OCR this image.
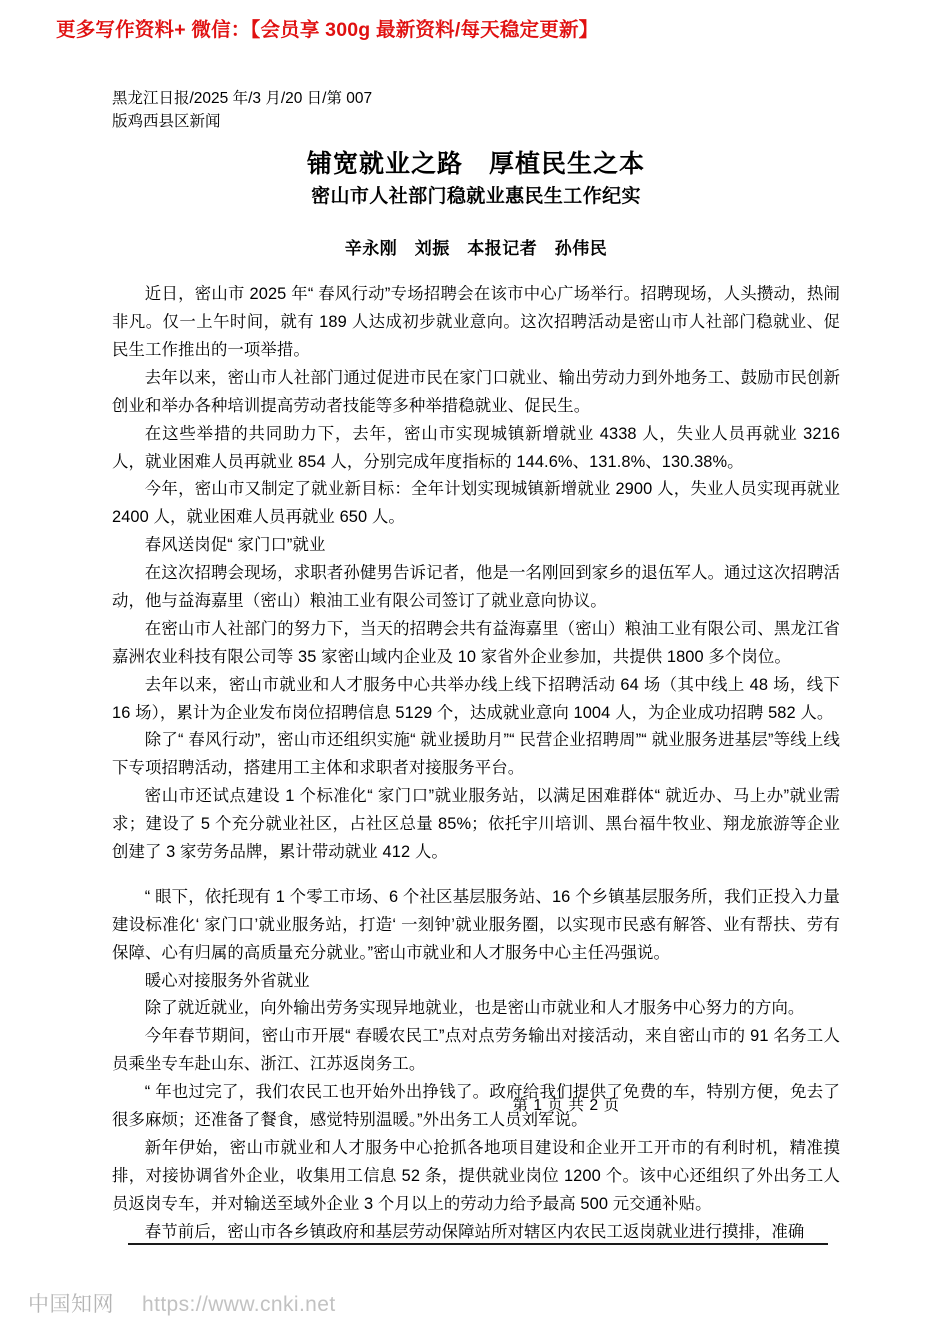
更多写作资料+ 微信：【会员享 300g 最新资料/每天稳定更新】
黑龙江日报/2025 年/3 月/20 日/第 007
版鸡西县区新闻
铺宽就业之路　厚植民生之本
密山市人社部门稳就业惠民生工作纪实
辛永刚　刘振　本报记者　孙伟民

近日，密山市 2025 年“ 春风行动”专场招聘会在该市中心广场举行。招聘现场，人头攒动，热闹非凡。仅一上午时间，就有 189 人达成初步就业意向。这次招聘活动是密山市人社部门稳就业、促民生工作推出的一项举措。

去年以来，密山市人社部门通过促进市民在家门口就业、输出劳动力到外地务工、鼓励市民创新创业和举办各种培训提高劳动者技能等多种举措稳就业、促民生。

在这些举措的共同助力下，去年，密山市实现城镇新增就业 4338 人，失业人员再就业 3216 人，就业困难人员再就业 854 人，分别完成年度指标的 144.6%、131.8%、130.38%。

今年，密山市又制定了就业新目标：全年计划实现城镇新增就业 2900 人，失业人员实现再就业 2400 人，就业困难人员再就业 650 人。

春风送岗促“ 家门口”就业

在这次招聘会现场，求职者孙健男告诉记者，他是一名刚回到家乡的退伍军人。通过这次招聘活动，他与益海嘉里（密山）粮油工业有限公司签订了就业意向协议。

在密山市人社部门的努力下，当天的招聘会共有益海嘉里（密山）粮油工业有限公司、黑龙江省嘉洲农业科技有限公司等 35 家密山域内企业及 10 家省外企业参加，共提供 1800 多个岗位。

去年以来，密山市就业和人才服务中心共举办线上线下招聘活动 64 场（其中线上 48 场，线下 16 场），累计为企业发布岗位招聘信息 5129 个，达成就业意向 1004 人，为企业成功招聘 582 人。

除了“ 春风行动”，密山市还组织实施“ 就业援助月”“ 民营企业招聘周”“ 就业服务进基层”等线上线下专项招聘活动，搭建用工主体和求职者对接服务平台。

密山市还试点建设 1 个标准化“ 家门口”就业服务站，以满足困难群体“ 就近办、马上办”就业需求；建设了 5 个充分就业社区，占社区总量 85%；依托宇川培训、黑台福牛牧业、翔龙旅游等企业创建了 3 家劳务品牌，累计带动就业 412 人。

“ 眼下，依托现有 1 个零工市场、6 个社区基层服务站、16 个乡镇基层服务所，我们正投入力量建设标准化‘ 家门口’就业服务站，打造‘ 一刻钟’就业服务圈，以实现市民惑有解答、业有帮扶、劳有保障、心有归属的高质量充分就业。”密山市就业和人才服务中心主任冯强说。

暖心对接服务外省就业

除了就近就业，向外输出劳务实现异地就业，也是密山市就业和人才服务中心努力的方向。

今年春节期间，密山市开展“ 春暖农民工”点对点劳务输出对接活动，来自密山市的 91 名务工人员乘坐专车赴山东、浙江、江苏返岗务工。

“ 年也过完了，我们农民工也开始外出挣钱了。政府给我们提供了免费的车，特别方便，免去了很多麻烦；还准备了餐食，感觉特别温暖。”外出务工人员刘军说。

新年伊始，密山市就业和人才服务中心抢抓各地项目建设和企业开工开市的有利时机，精准摸排，对接协调省外企业，收集用工信息 52 条，提供就业岗位 1200 个。该中心还组织了外出务工人员返岗专车，并对输送至域外企业 3 个月以上的劳动力给予最高 500 元交通补贴。

春节前后，密山市各乡镇政府和基层劳动保障站所对辖区内农民工返岗就业进行摸排，准确

第 1 页 共 2 页
中国知网 https://www.cnki.net
